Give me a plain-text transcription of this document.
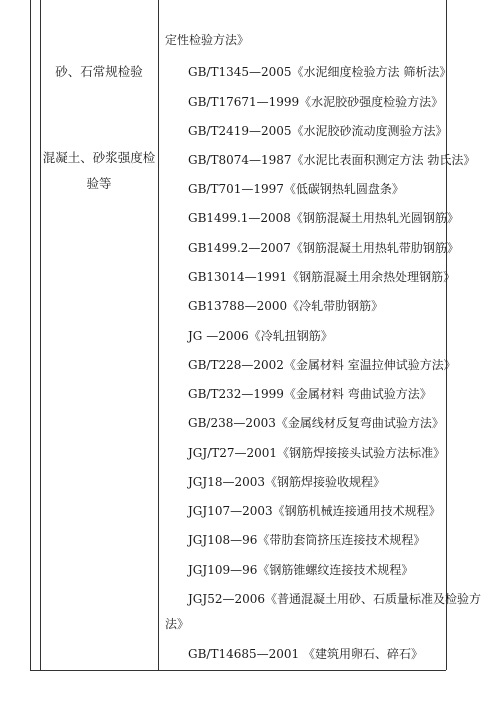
砂、石常规检验
混凝土、砂浆强度检
验等
定性检验方法》
GB/T1345—2005《水泥细度检验方法 筛析法》
GB/T17671—1999《水泥胶砂强度检验方法》
GB/T2419—2005《水泥胶砂流动度测验方法》
GB/T8074—1987《水泥比表面积测定方法 勃氏法》
GB/T701—1997《低碳钢热轧圆盘条》
GB1499.1—2008《钢筋混凝土用热轧光圆钢筋》
GB1499.2—2007《钢筋混凝土用热轧带肋钢筋》
GB13014—1991《钢筋混凝土用余热处理钢筋》
GB13788—2000《冷轧带肋钢筋》
JG —2006《冷轧扭钢筋》
GB/T228—2002《金属材料 室温拉伸试验方法》
GB/T232—1999《金属材料 弯曲试验方法》
GB/238—2003《金属线材反复弯曲试验方法》
JGJ/T27—2001《钢筋焊接接头试验方法标准》
JGJ18—2003《钢筋焊接验收规程》
JGJ107—2003《钢筋机械连接通用技术规程》
JGJ108—96《带肋套筒挤压连接技术规程》
JGJ109—96《钢筋锥螺纹连接技术规程》
JGJ52—2006《普通混凝土用砂、石质量标准及检验方
法》
GB/T14685—2001 《建筑用卵石、碎石》
